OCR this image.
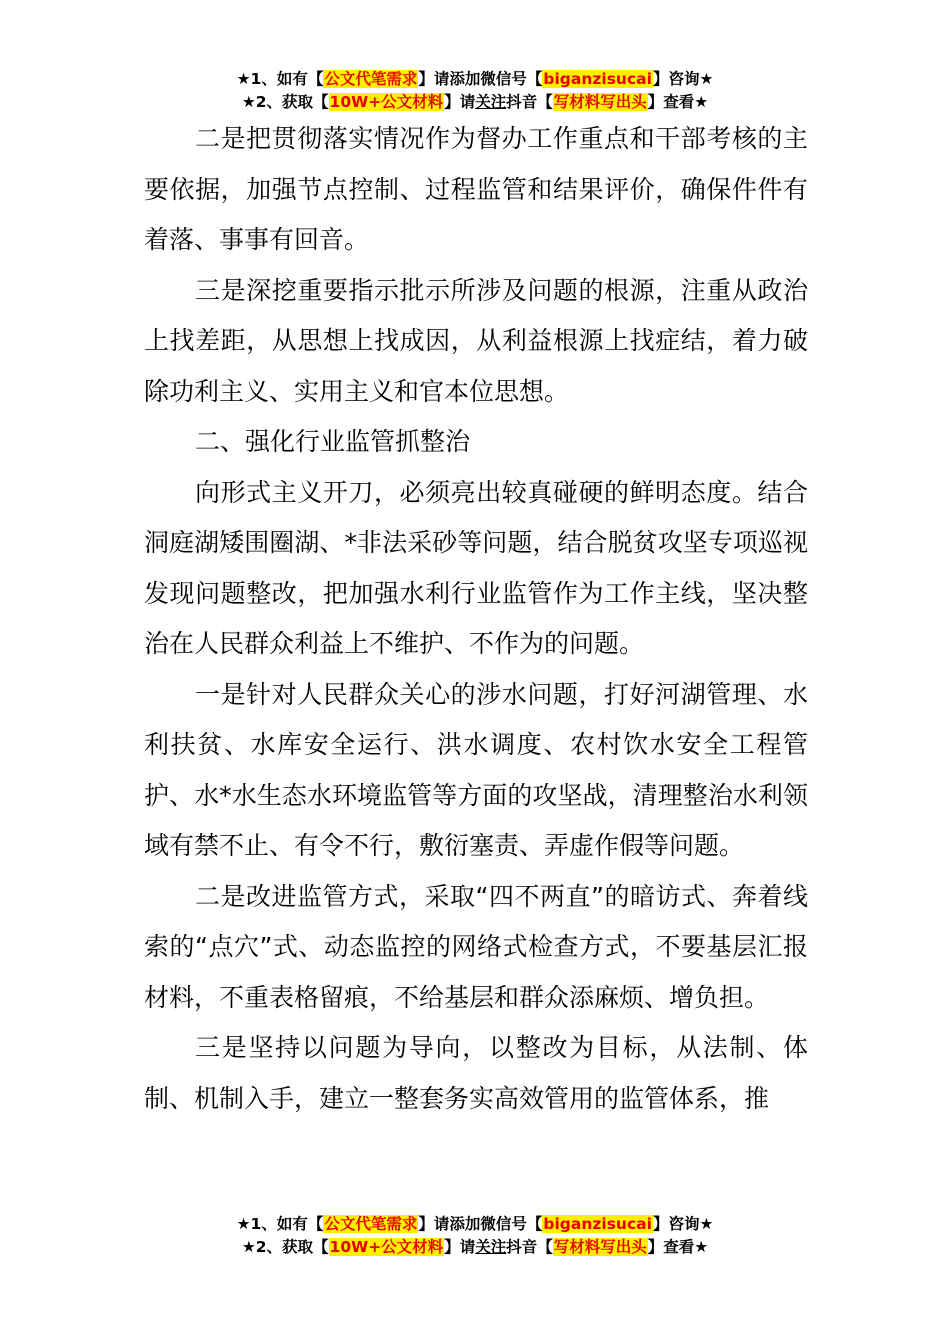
★1、如有【公文代笔需求】请添加微信号【biganzisucai】咨询★
★2、获取【10W+公文材料】请关注抖音【写材料写出头】查看★

二是把贯彻落实情况作为督办工作重点和干部考核的主要依据，加强节点控制、过程监管和结果评价，确保件件有着落、事事有回音。

三是深挖重要指示批示所涉及问题的根源，注重从政治上找差距，从思想上找成因，从利益根源上找症结，着力破除功利主义、实用主义和官本位思想。

二、强化行业监管抓整治

向形式主义开刀，必须亮出较真碰硬的鲜明态度。结合洞庭湖矮围圈湖、*非法采砂等问题，结合脱贫攻坚专项巡视发现问题整改，把加强水利行业监管作为工作主线，坚决整治在人民群众利益上不维护、不作为的问题。

一是针对人民群众关心的涉水问题，打好河湖管理、水利扶贫、水库安全运行、洪水调度、农村饮水安全工程管护、水*水生态水环境监管等方面的攻坚战，清理整治水利领域有禁不止、有令不行，敷衍塞责、弄虚作假等问题。

二是改进监管方式，采取“四不两直”的暗访式、奔着线索的“点穴”式、动态监控的网络式检查方式，不要基层汇报材料，不重表格留痕，不给基层和群众添麻烦、增负担。

三是坚持以问题为导向，以整改为目标，从法制、体制、机制入手，建立一整套务实高效管用的监管体系，推

★1、如有【公文代笔需求】请添加微信号【biganzisucai】咨询★
★2、获取【10W+公文材料】请关注抖音【写材料写出头】查看★
